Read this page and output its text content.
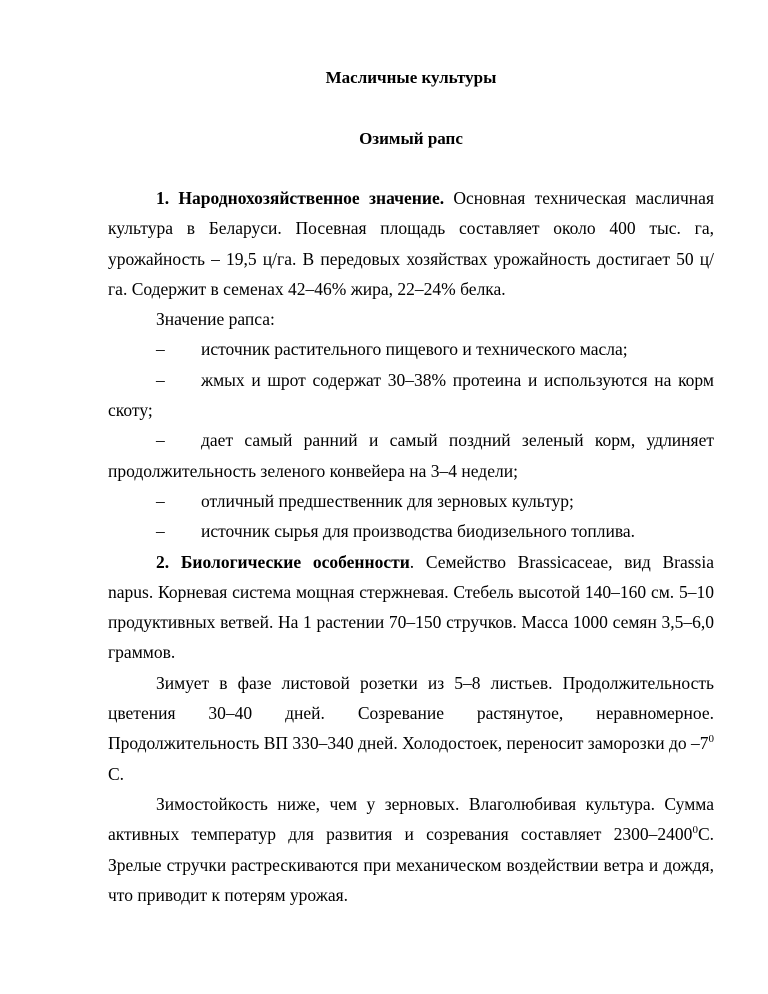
Масличные культуры
Озимый рапс

1. Народнохозяйственное значение. Основная техническая масличная культура в Беларуси. Посевная площадь составляет около 400 тыс. га, урожайность – 19,5 ц/га. В передовых хозяйствах урожайность достигает 50 ц/га. Содержит в семенах 42–46% жира, 22–24% белка.

Значение рапса:

– источник растительного пищевого и технического масла;

–	жмых и шрот содержат 30–38% протеина и используются на корм
скоту;

–	дает самый ранний и самый поздний зеленый корм, удлиняет
продолжительность зеленого конвейера на 3–4 недели;

– отличный предшественник для зерновых культур;

– источник сырья для производства биодизельного топлива.

2. Биологические особенности. Семейство Brassicaceae, вид Brassia napus. Корневая система мощная стержневая. Стебель высотой 140–160 см. 5–10 продуктивных ветвей. На 1 растении 70–150 стручков. Масса 1000 семян 3,5–6,0 граммов.

Зимует в фазе листовой розетки из 5–8 листьев. Продолжительность цветения 30–40 дней. Созревание растянутое, неравномерное. Продолжительность ВП 330–340 дней. Холодостоек, переносит заморозки до $-7^0$ С.

Зимостойкость ниже, чем у зерновых. Влаголюбивая культура. Сумма активных температур для развития и созревания составляет 2300–2400$^0$С. Зрелые стручки растрескиваются при механическом воздействии ветра и дождя, что приводит к потерям урожая.
